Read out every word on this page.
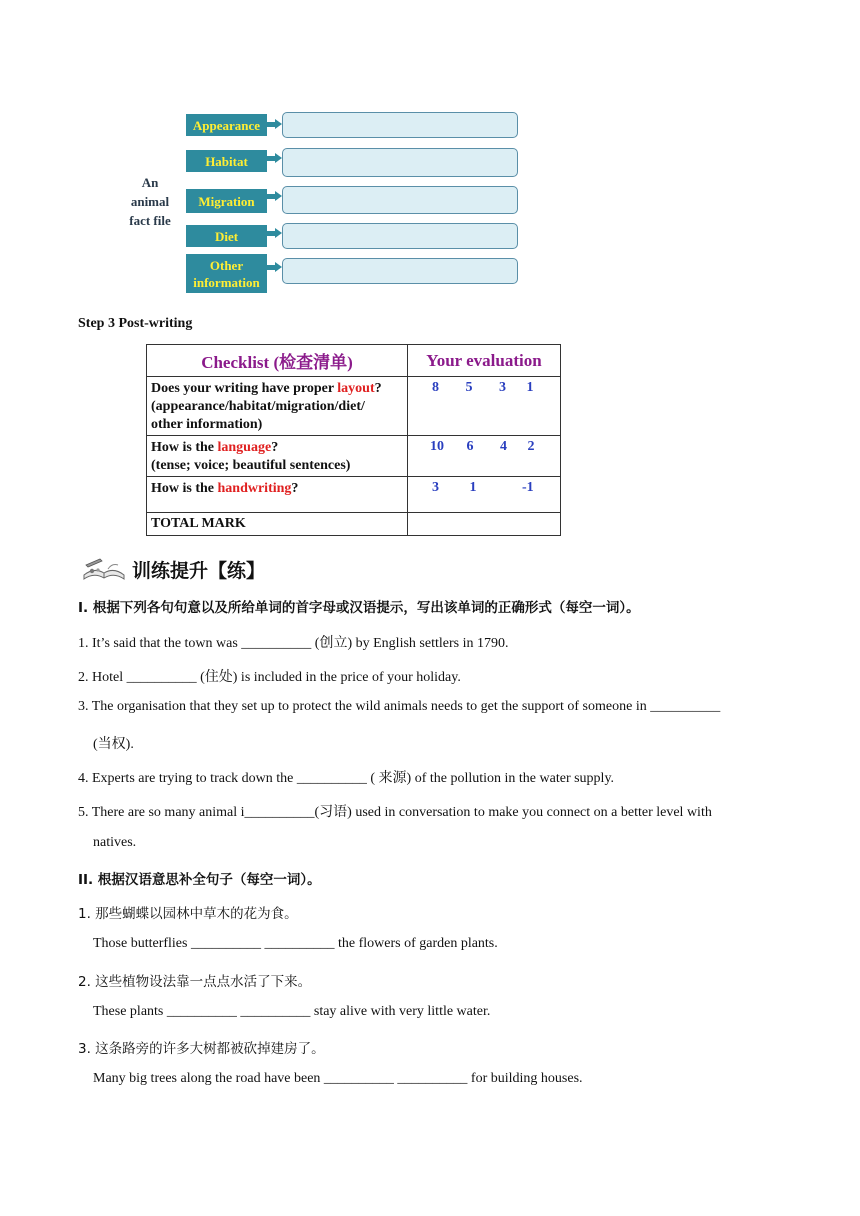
An
animal
fact file
Appearance
Habitat
Migration
Diet
Other
information
Step 3 Post-writing
Checklist (检查清单)	Your evaluation
Does your writing have proper layout?
(appearance/habitat/migration/diet/
other information)	8 5 3 1
How is the language?
(tense; voice; beautiful sentences)	10 6 4 2
How is the handwriting?	3 1 -1
TOTAL MARK	
训练提升【练】
I. 根据下列各句句意以及所给单词的首字母或汉语提示，写出该单词的正确形式（每空一词）。
1. It’s said that the town was __________ (创立) by English settlers in 1790.
2. Hotel __________ (住处) is included in the price of your holiday.
3. The organisation that they set up to protect the wild animals needs to get the support of someone in __________
(当权).
4. Experts are trying to track down the __________ ( 来源) of the pollution in the water supply.
5. There are so many animal i__________(习语) used in conversation to make you connect on a better level with
natives.
II. 根据汉语意思补全句子（每空一词）。
1. 那些蝴蝶以园林中草木的花为食。
Those butterflies __________ __________ the flowers of garden plants.
2. 这些植物设法靠一点点水活了下来。
These plants __________ __________ stay alive with very little water.
3. 这条路旁的许多大树都被砍掉建房了。
Many big trees along the road have been __________ __________ for building houses.
